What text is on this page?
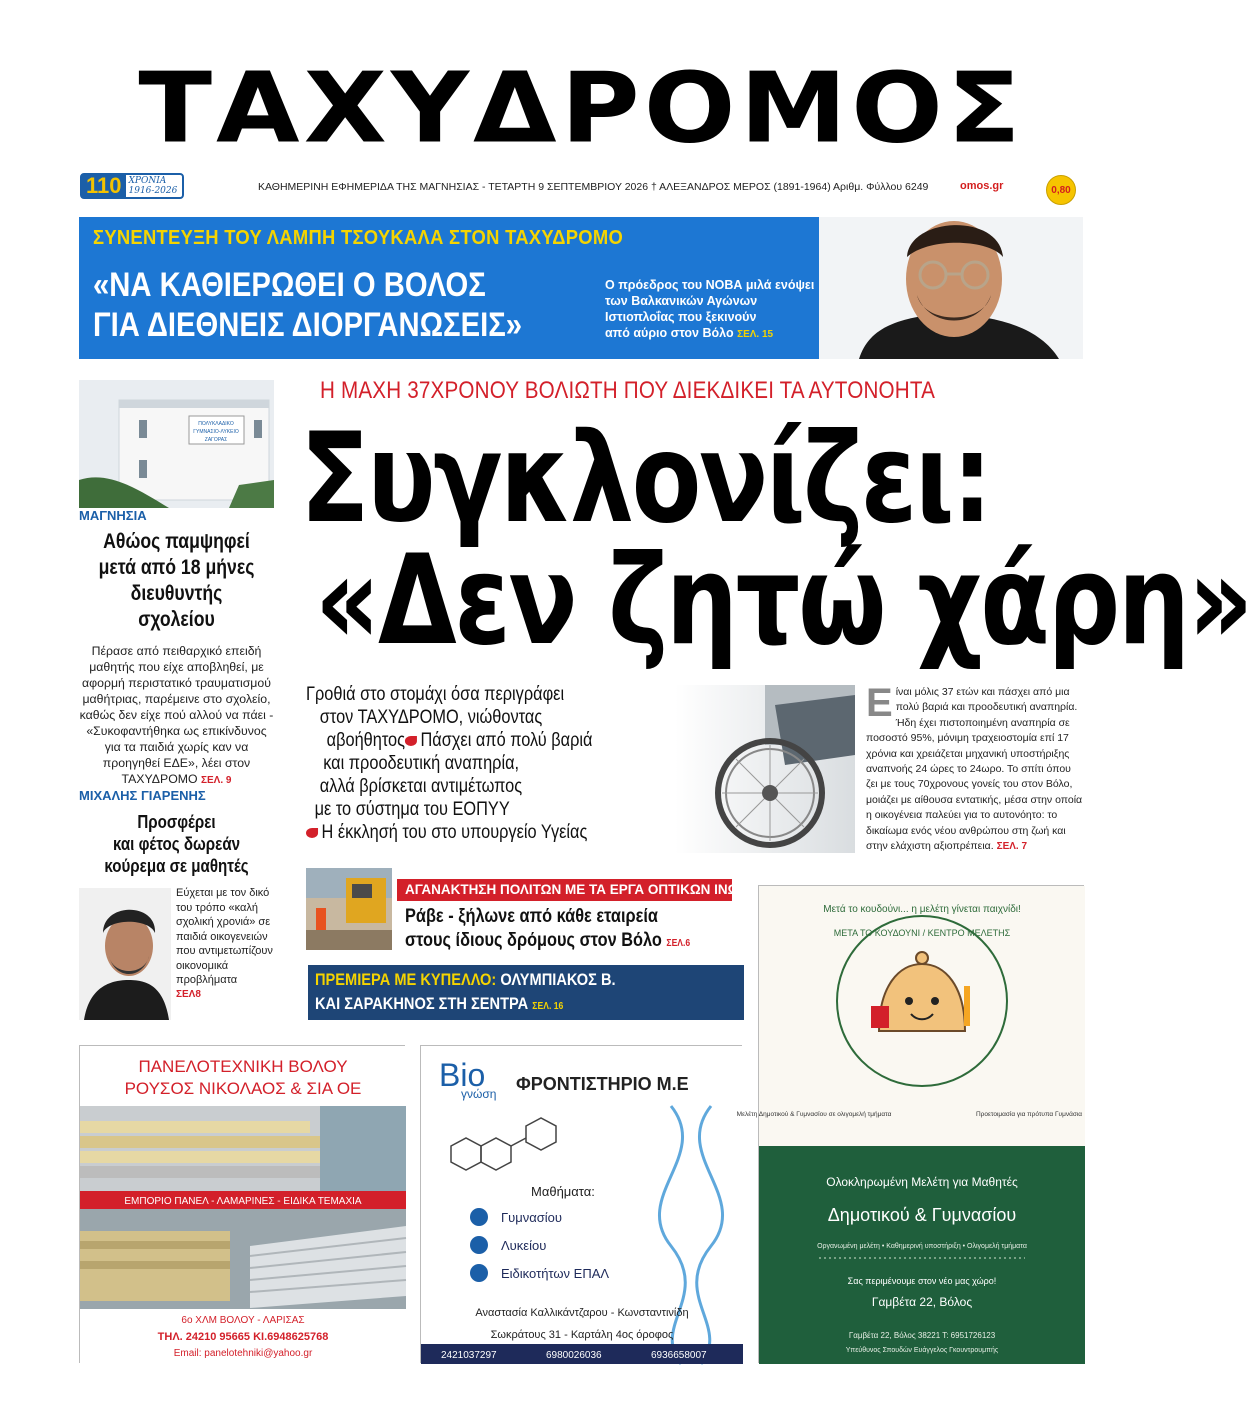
ΤΑΧΥΔΡΟΜΟΣ
110 ΧΡΟΝΙΑ
1916-2026	ΚΑΘΗΜΕΡΙΝΗ ΕΦΗΜΕΡΙΔΑ ΤΗΣ ΜΑΓΝΗΣΙΑΣ - ΤΕΤΑΡΤΗ 9 ΣΕΠΤΕΜΒΡΙΟΥ 2026 † ΑΛΕΞΑΝΔΡΟΣ ΜΕΡΟΣ (1891-1964) Αριθμ. Φύλλου 6249	omos.gr	0,80
ΣΥΝΕΝΤΕΥΞΗ ΤΟΥ ΛΑΜΠΗ ΤΣΟΥΚΑΛΑ ΣΤΟΝ ΤΑΧΥΔΡΟΜΟ
«ΝΑ ΚΑΘΙΕΡΩΘΕΙ Ο ΒΟΛΟΣ
ΓΙΑ ΔΙΕΘΝΕΙΣ ΔΙΟΡΓΑΝΩΣΕΙΣ»
Ο πρόεδρος του ΝΟΒΑ μιλά ενόψει
των Βαλκανικών Αγώνων
Ιστιοπλοΐας που ξεκινούν
από αύριο στον Βόλο ΣΕΛ. 15
ΠΟΛΥΚΛΑΔΙΚΟ
ΓΥΜΝΑΣΙΟ-ΛΥΚΕΙΟ
ΖΑΓΟΡΑΣ
ΜΑΓΝΗΣΙΑ
Αθώος παμψηφεί
μετά από 18 μήνες
διευθυντής σχολείου
Πέρασε από πειθαρχικό επειδή μαθητής που είχε αποβληθεί, με αφορμή περιστατικό τραυματισμού μαθήτριας, παρέμεινε στο σχολείο, καθώς δεν είχε πού αλλού να πάει - «Συκοφαντήθηκα ως επικίνδυνος για τα παιδιά χωρίς καν να προηγηθεί ΕΔΕ», λέει στον ΤΑΧΥΔΡΟΜΟ ΣΕΛ. 9
ΜΙΧΑΛΗΣ ΓΙΑΡΕΝΗΣ
Προσφέρει
και φέτος δωρεάν
κούρεμα σε μαθητές
Εύχεται με τον δικό του τρόπο «καλή σχολική χρονιά» σε παιδιά οικογενειών που αντιμετωπίζουν οικονομικά προβλήματα
ΣΕΛ8
Η ΜΑΧΗ 37ΧΡΟΝΟΥ ΒΟΛΙΩΤΗ ΠΟΥ ΔΙΕΚΔΙΚΕΙ ΤΑ ΑΥΤΟΝΟΗΤΑ
Συγκλονίζει:
«Δεν ζητώ χάρη»

Γροθιά στο στομάχι όσα περιγράφει

στον ΤΑΧΥΔΡΟΜΟ, νιώθοντας

αβοήθητος Πάσχει από πολύ βαριά

και προοδευτική αναπηρία,

αλλά βρίσκεται αντιμέτωπος

με το σύστημα του ΕΟΠΥΥ

Η έκκλησή του στο υπουργείο Υγείας

Ε ίναι μόλις 37 ετών και πάσχει από μια πολύ βαριά και προοδευτική αναπηρία. Ήδη έχει πιστοποιημένη αναπηρία σε ποσοστό 95%, μόνιμη τραχειοστομία επί 17 χρόνια και χρειάζεται μηχανική υποστήριξης αναπνοής 24 ώρες το 24ωρο. Το σπίτι όπου ζει με τους 70χρονους γονείς του στον Βόλο, μοιάζει με αίθουσα εντατικής, μέσα στην οποία η οικογένεια παλεύει για το αυτονόητο: το δικαίωμα ενός νέου ανθρώπου στη ζωή και στην ελάχιστη αξιοπρέπεια. ΣΕΛ. 7
ΑΓΑΝΑΚΤΗΣΗ ΠΟΛΙΤΩΝ ΜΕ ΤΑ ΕΡΓΑ ΟΠΤΙΚΩΝ ΙΝΩΝ
Ράβε - ξήλωνε από κάθε εταιρεία
στους ίδιους δρόμους στον Βόλο ΣΕΛ.6

ΠΡΕΜΙΕΡΑ ΜΕ ΚΥΠΕΛΛΟ: ΟΛΥΜΠΙΑΚΟΣ Β.

ΚΑΙ ΣΑΡΑΚΗΝΟΣ ΣΤΗ ΣΕΝΤΡΑ ΣΕΛ. 16

ΠΑΝΕΛΟΤΕΧΝΙΚΗ ΒΟΛΟΥ
ΡΟΥΣΟΣ ΝΙΚΟΛΑΟΣ & ΣΙΑ ΟΕ
ΕΜΠΟΡΙΟ ΠΑΝΕΛ - ΛΑΜΑΡΙΝΕΣ - ΕΙΔΙΚΑ ΤΕΜΑΧΙΑ
6ο ΧΛΜ ΒΟΛΟΥ - ΛΑΡΙΣΑΣ
ΤΗΛ. 24210 95665 ΚΙ.6948625768
Email: panelotehniki@yahoo.gr
Bio
γνώση ΦΡΟΝΤΙΣΤΗΡΙΟ Μ.Ε
Μαθήματα:
Γυμνασίου
Λυκείου
Ειδικοτήτων ΕΠΑΛ
Αναστασία Καλλικάντζαρου - Κωνσταντινίδη
Σωκράτους 31 - Καρτάλη 4ος όροφος
2421037297	6980026036	6936658007
Μετά το κουδούνι... η μελέτη γίνεται παιχνίδι!
ΜΕΤΑ ΤΟ ΚΟΥΔΟΥΝΙ / ΚΕΝΤΡΟ ΜΕΛΕΤΗΣ
Μελέτη Δημοτικού & Γυμνασίου σε ολιγομελή τμήματα	Προετοιμασία για πρότυπα Γυμνάσια
Ολοκληρωμένη Μελέτη για Μαθητές
Δημοτικού & Γυμνασίου
Οργανωμένη μελέτη • Καθημερινή υποστήριξη • Ολιγομελή τμήματα
Σας περιμένουμε στον νέο μας χώρο!
Γαμβέτα 22, Βόλος
Γαμβέτα 22, Βόλος 38221 Τ: 6951726123
Υπεύθυνος Σπουδών Ευάγγελος Γκουντρουμπής
